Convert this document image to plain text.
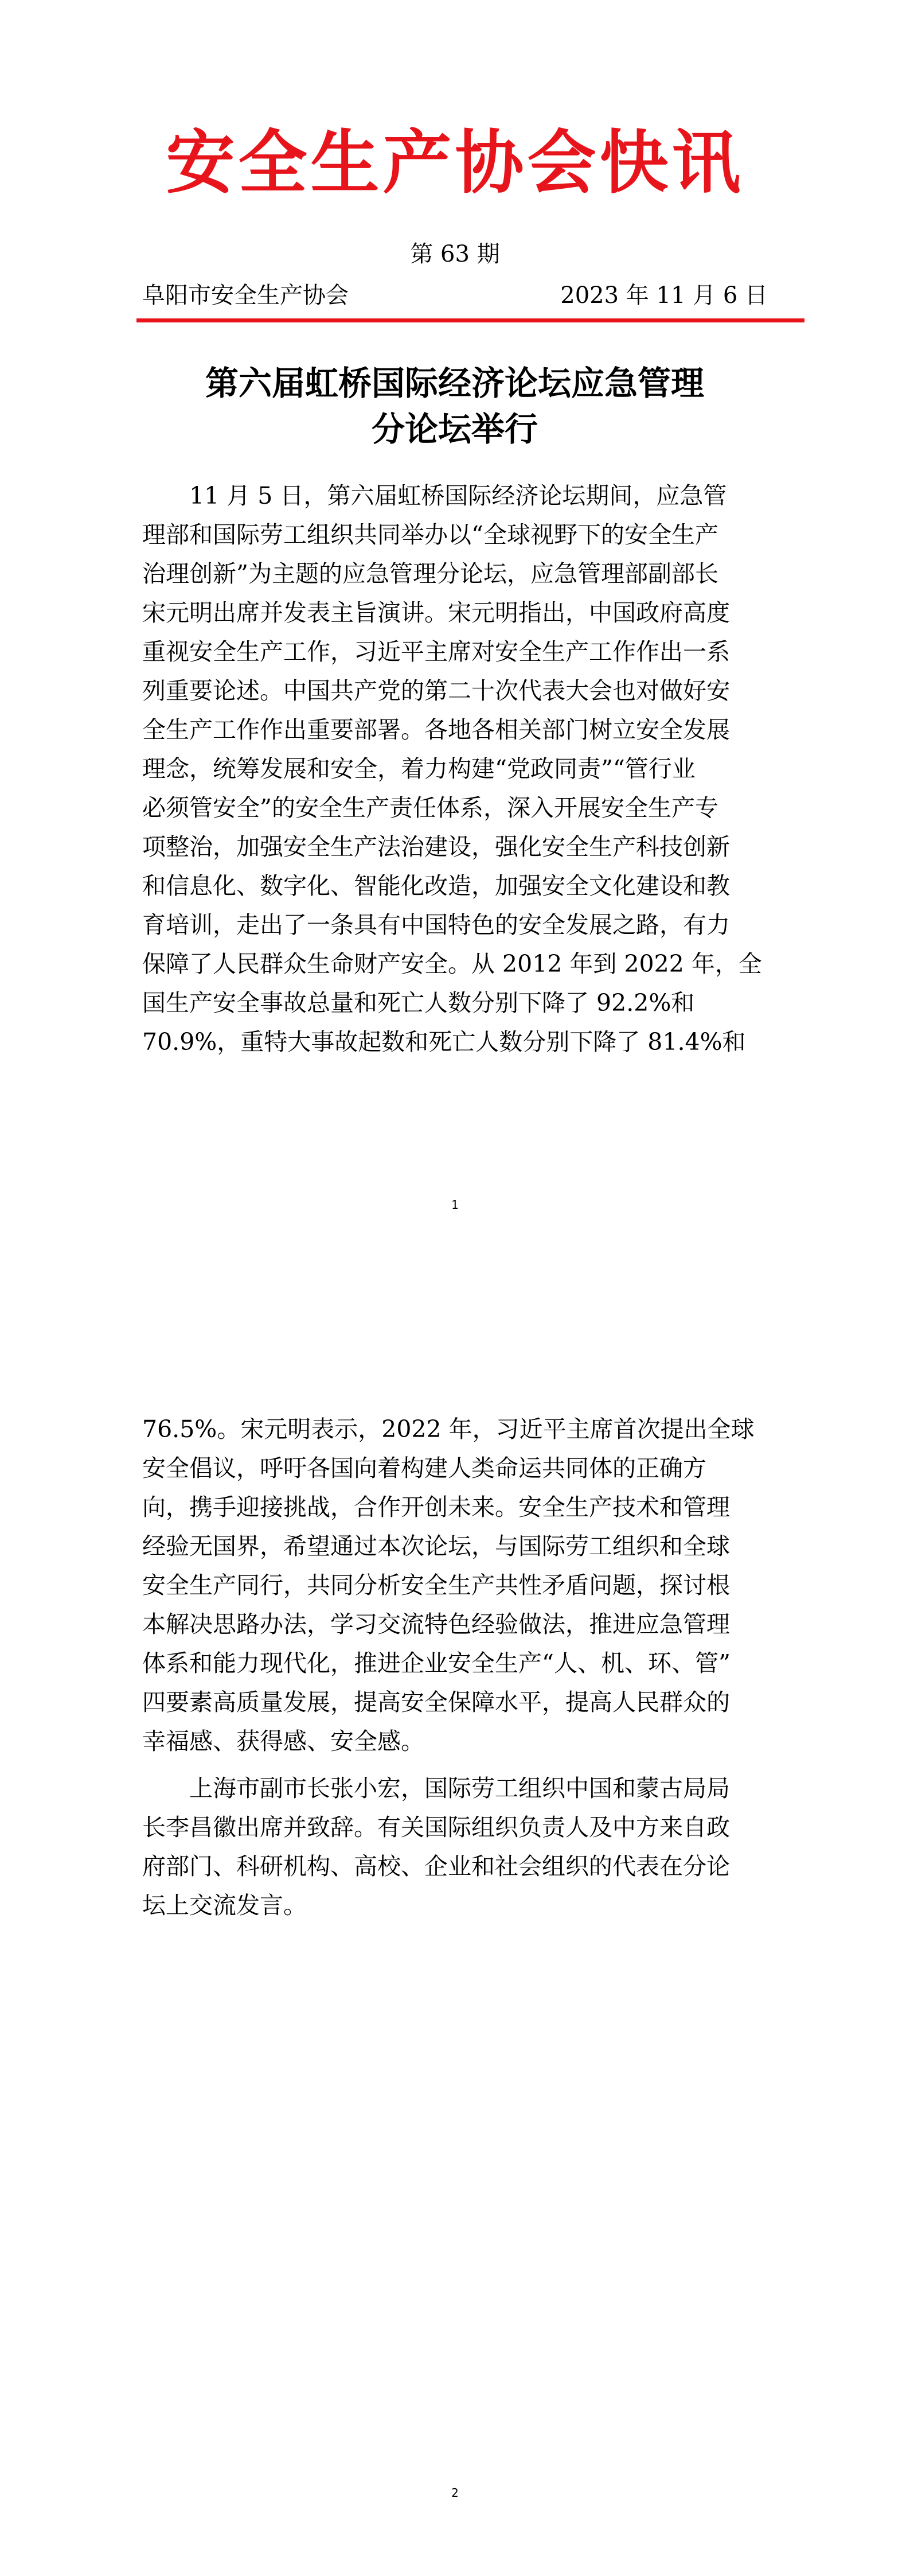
安全生产协会快讯
第 63 期
阜阳市安全生产协会	2023 年 11 月 6 日
第六届虹桥国际经济论坛应急管理
分论坛举行
　　11 月 5 日，第六届虹桥国际经济论坛期间，应急管
理部和国际劳工组织共同举办以“全球视野下的安全生产
治理创新”为主题的应急管理分论坛，应急管理部副部长
宋元明出席并发表主旨演讲。宋元明指出，中国政府高度
重视安全生产工作，习近平主席对安全生产工作作出一系
列重要论述。中国共产党的第二十次代表大会也对做好安
全生产工作作出重要部署。各地各相关部门树立安全发展
理念，统筹发展和安全，着力构建“党政同责”“管行业
必须管安全”的安全生产责任体系，深入开展安全生产专
项整治，加强安全生产法治建设，强化安全生产科技创新
和信息化、数字化、智能化改造，加强安全文化建设和教
育培训，走出了一条具有中国特色的安全发展之路，有力
保障了人民群众生命财产安全。从 2012 年到 2022 年，全
国生产安全事故总量和死亡人数分别下降了 92.2%和
70.9%，重特大事故起数和死亡人数分别下降了 81.4%和
1
76.5%。宋元明表示，2022 年，习近平主席首次提出全球
安全倡议，呼吁各国向着构建人类命运共同体的正确方
向，携手迎接挑战，合作开创未来。安全生产技术和管理
经验无国界，希望通过本次论坛，与国际劳工组织和全球
安全生产同行，共同分析安全生产共性矛盾问题，探讨根
本解决思路办法，学习交流特色经验做法，推进应急管理
体系和能力现代化，推进企业安全生产“人、机、环、管”
四要素高质量发展，提高安全保障水平，提高人民群众的
幸福感、获得感、安全感。
　　上海市副市长张小宏，国际劳工组织中国和蒙古局局
长李昌徽出席并致辞。有关国际组织负责人及中方来自政
府部门、科研机构、高校、企业和社会组织的代表在分论
坛上交流发言。
2
